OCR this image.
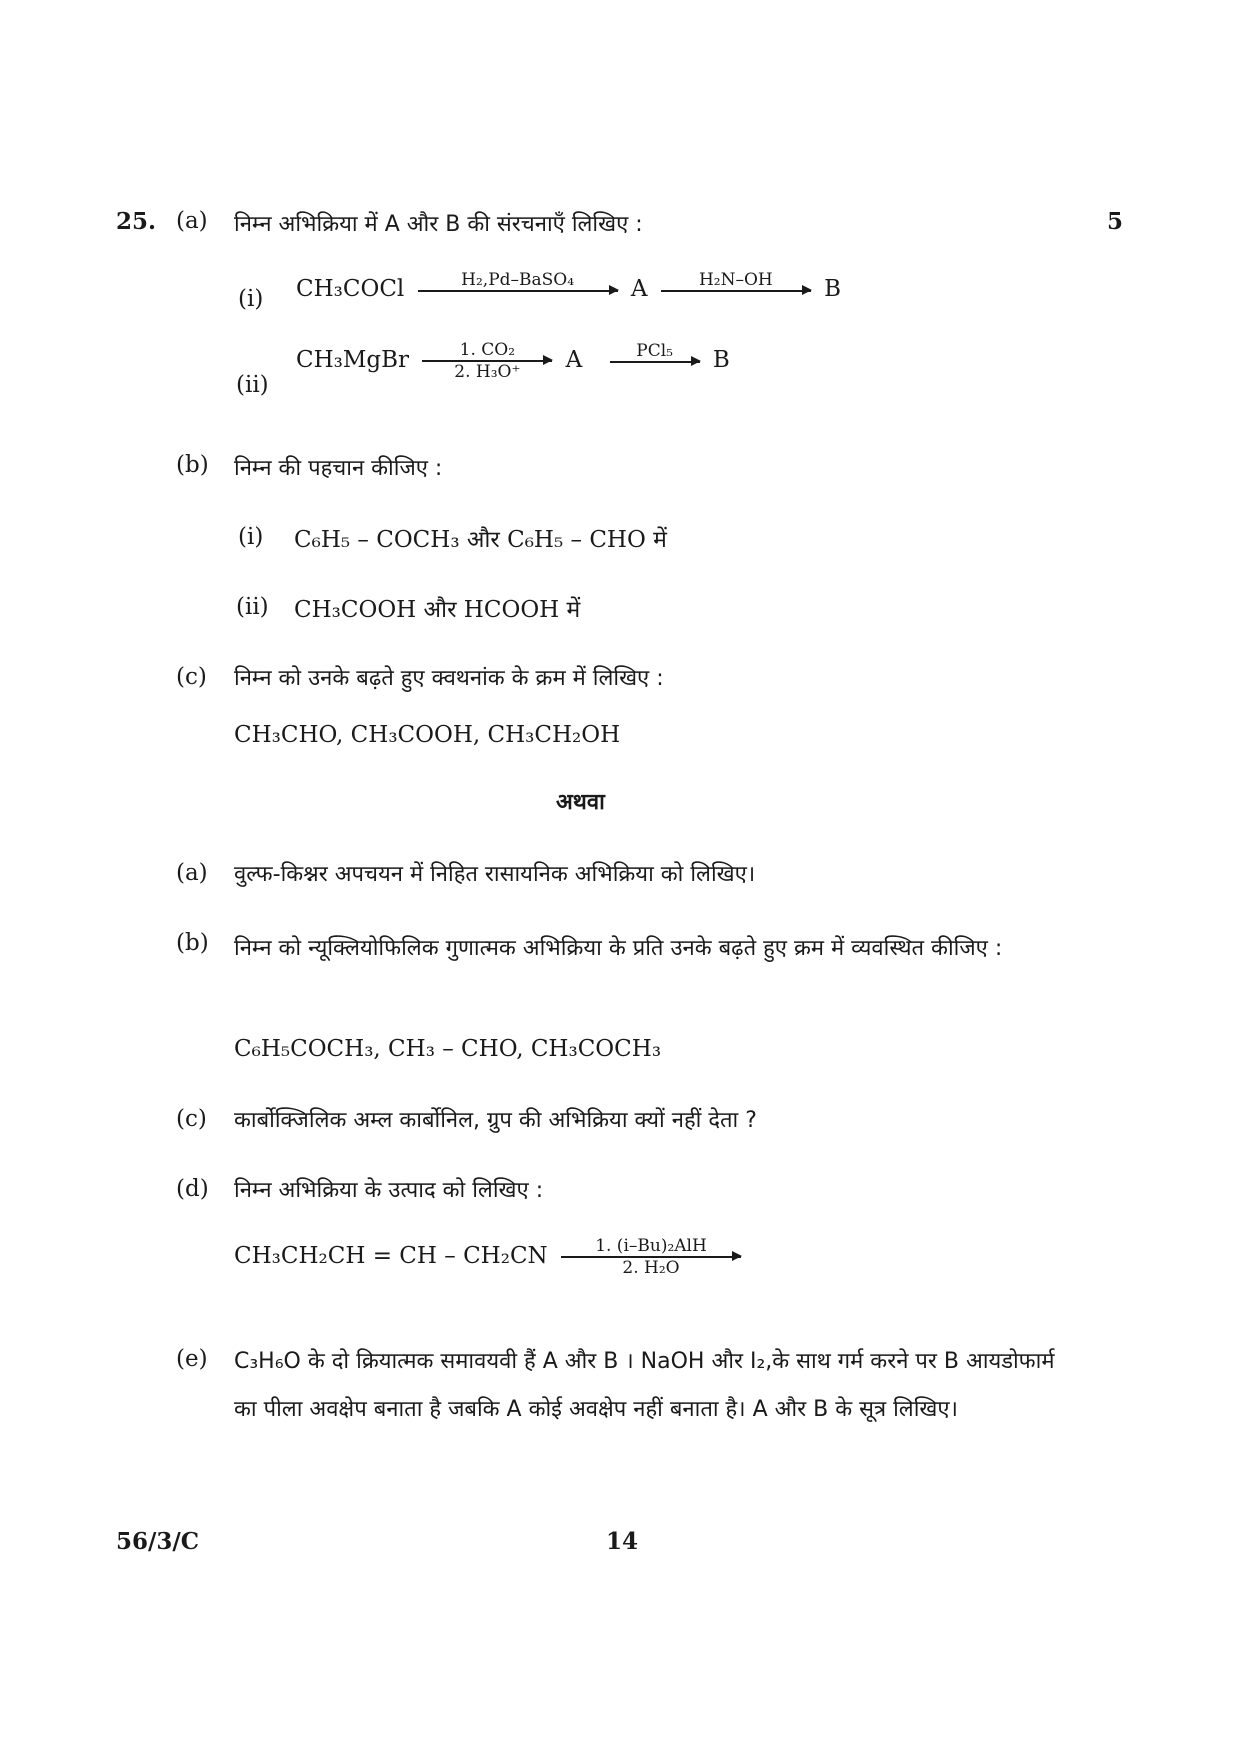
25. (a) निम्न अभिक्रिया में A और B की संरचनाएँ लिखिए :	5
(i) CH₃COCl	H₂,Pd–BaSO₄	A	H₂N–OH	B
(ii)
CH₃MgBr $\frac{\text{1. CO₂}}{\text{2. H₃O⁺}}$ A	PCl₅	B
(b) निम्न की पहचान कीजिए :
(i) C₆H₅ – COCH₃ और C₆H₅ – CHO में
(ii) CH₃COOH और HCOOH में
(c) निम्न को उनके बढ़ते हुए क्वथनांक के क्रम में लिखिए :
CH₃CHO, CH₃COOH, CH₃CH₂OH
अथवा
(a) वुल्फ-किश्नर अपचयन में निहित रासायनिक अभिक्रिया को लिखिए।
(b) निम्न को न्यूक्लियोफिलिक गुणात्मक अभिक्रिया के प्रति उनके बढ़ते हुए क्रम में व्यवस्थित कीजिए :
C₆H₅COCH₃, CH₃ – CHO, CH₃COCH₃
(c) कार्बोक्जिलिक अम्ल कार्बोनिल, ग्रुप की अभिक्रिया क्यों नहीं देता ?
(d) निम्न अभिक्रिया के उत्पाद को लिखिए :
CH₃CH₂CH = CH – CH₂CN	1. (i–Bu)₂AlH
2. H₂O
(e) C₃H₆O के दो क्रियात्मक समावयवी हैं A और B । NaOH और I₂,के साथ गर्म करने पर B आयडोफार्म का पीला अवक्षेप बनाता है जबकि A कोई अवक्षेप नहीं बनाता है। A और B के सूत्र लिखिए।
56/3/C	14
